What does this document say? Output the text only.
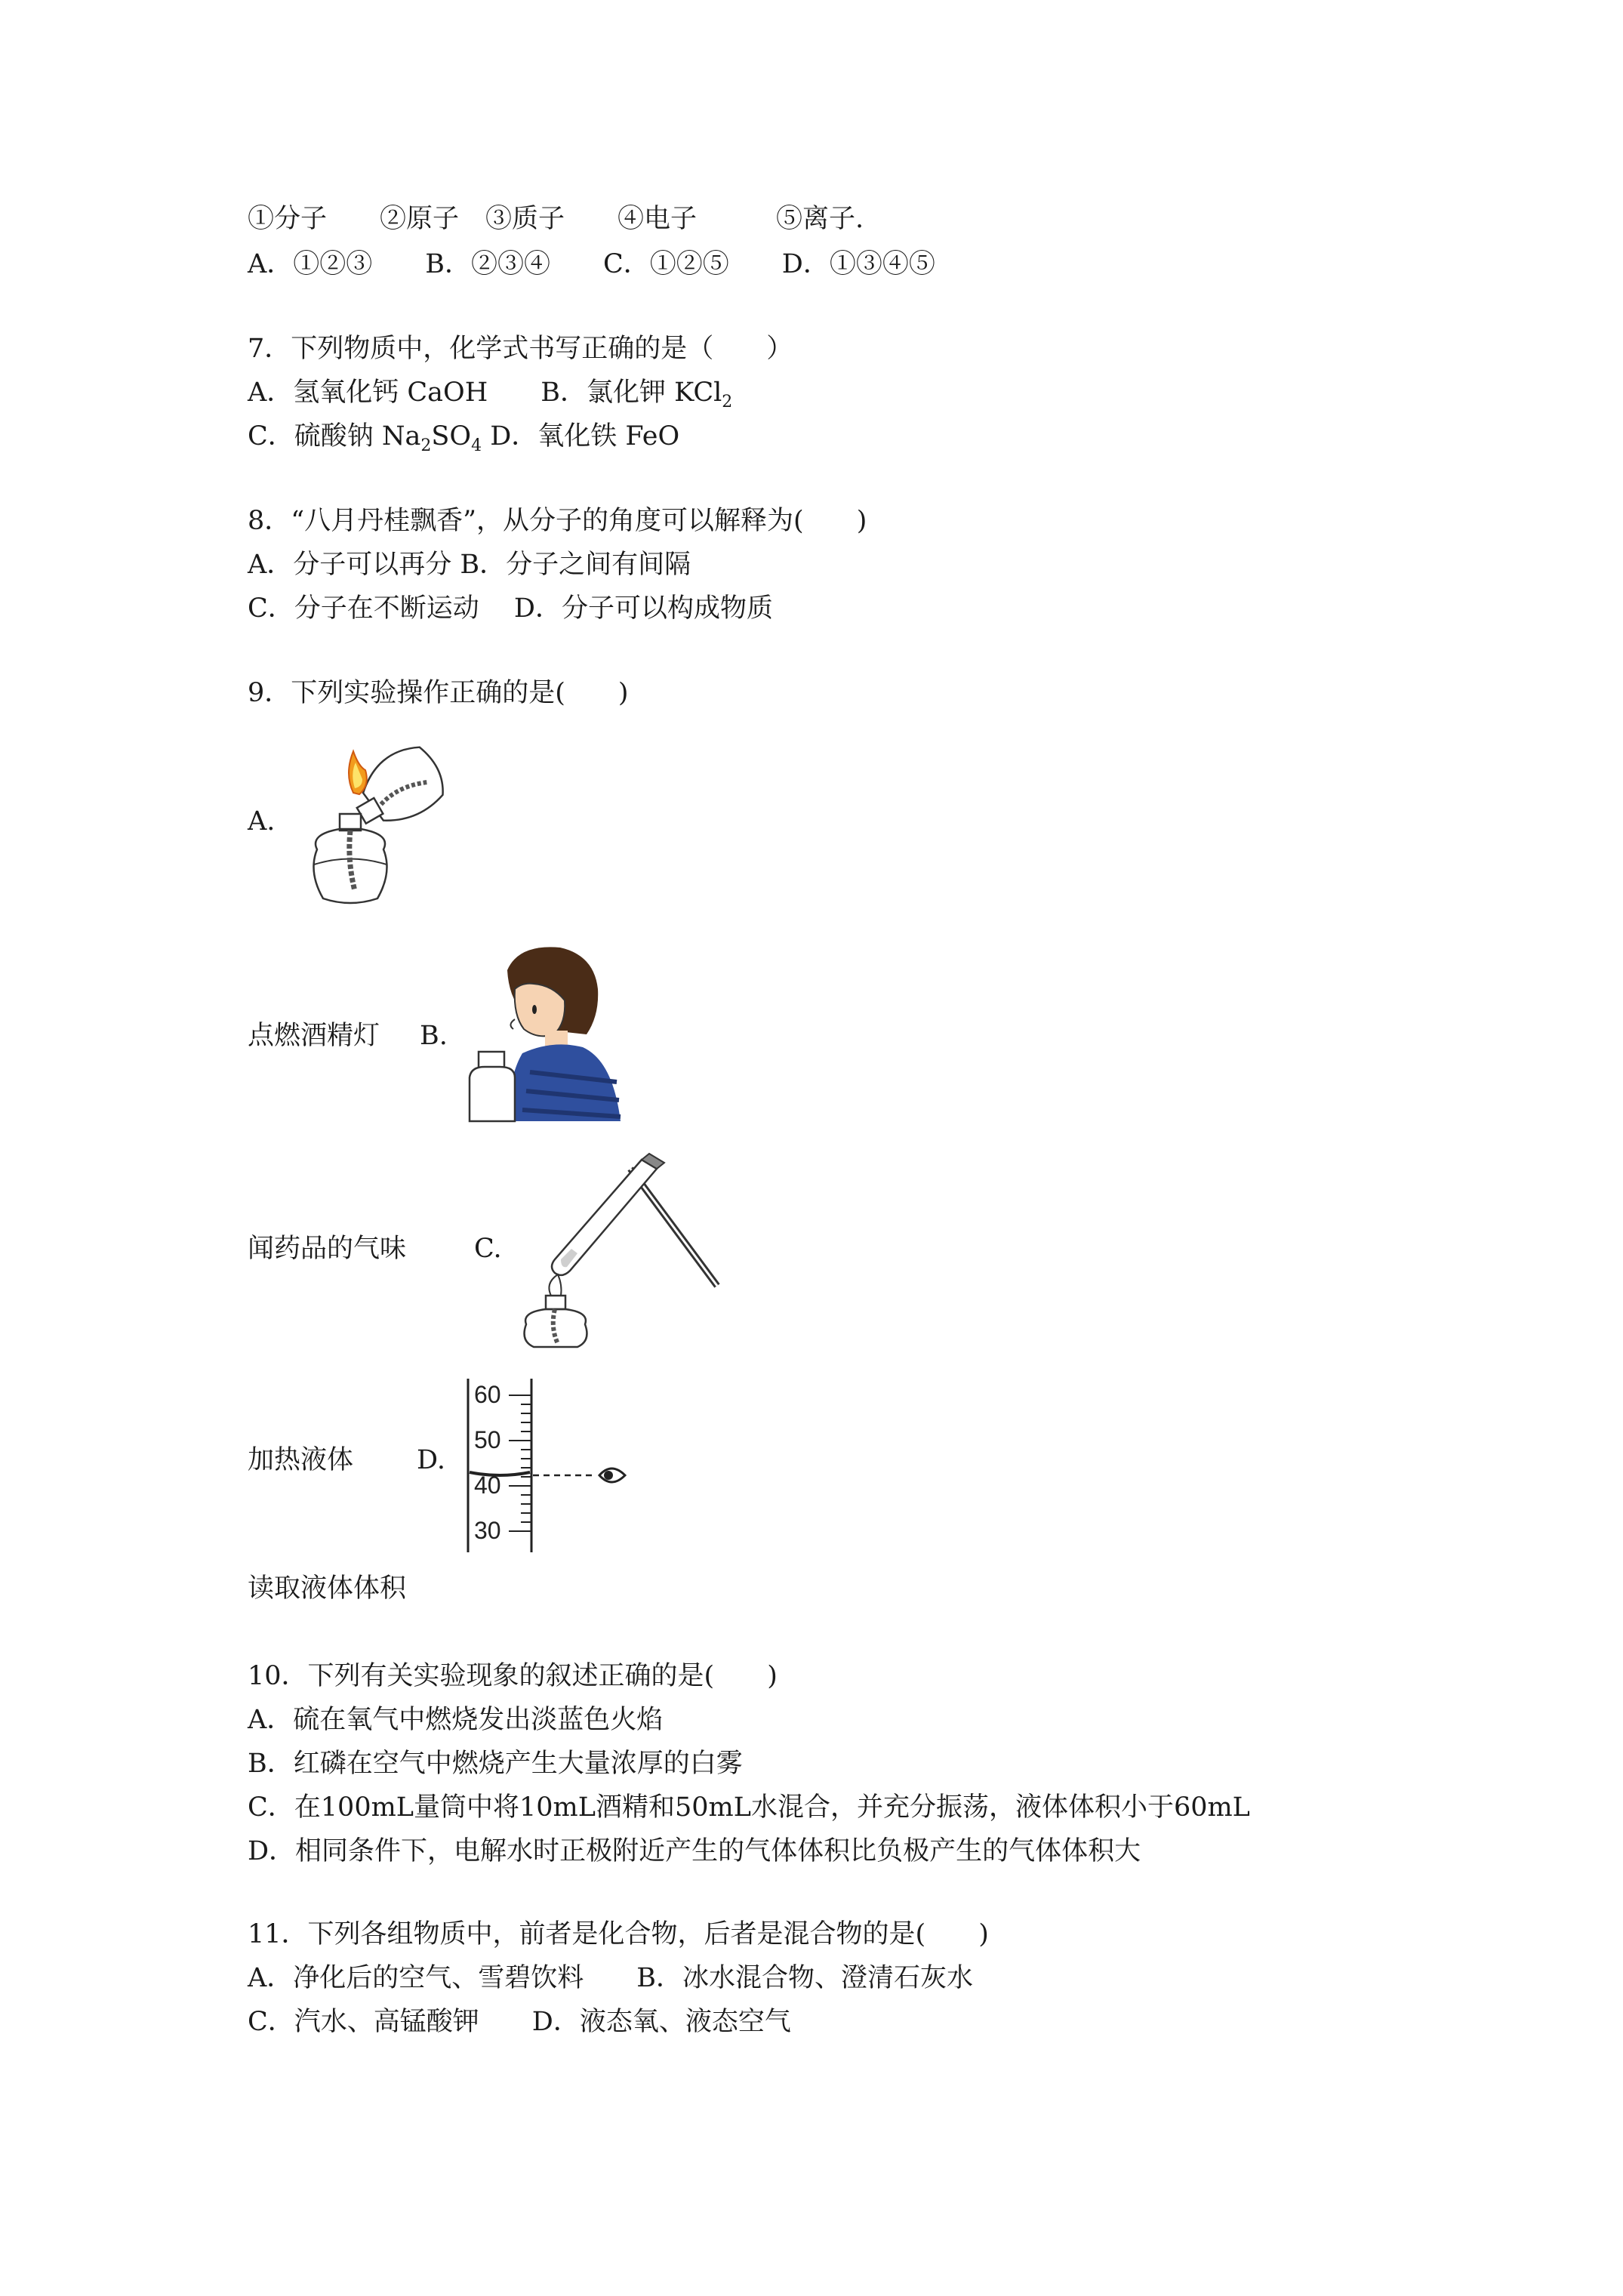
①分子　　②原子　③质子　　④电子　　　⑤离子.
A．①②③　　B．②③④　　C．①②⑤　　D．①③④⑤
7．下列物质中，化学式书写正确的是（　　）
A．氢氧化钙 CaOH　　B．氯化钾 KCl$_2$
C．硫酸钠 $Na_2SO_4$ D．氧化铁 FeO
8．“八月丹桂飘香”，从分子的角度可以解释为(　　)
A．分子可以再分 B．分子之间有间隔
C．分子在不断运动　 D．分子可以构成物质
9．下列实验操作正确的是(　　)
A.
点燃酒精灯 B.
闻药品的气味	C.
加热液体 D.
60
50
40
30
读取液体体积
10．下列有关实验现象的叙述正确的是(　　)
A．硫在氧气中燃烧发出淡蓝色火焰
B．红磷在空气中燃烧产生大量浓厚的白雾
C．在100mL量筒中将10mL酒精和50mL水混合，并充分振荡，液体体积小于60mL
D．相同条件下，电解水时正极附近产生的气体体积比负极产生的气体体积大
11．下列各组物质中，前者是化合物，后者是混合物的是(　　)
A．净化后的空气、雪碧饮料　　B．冰水混合物、澄清石灰水
C．汽水、高锰酸钾　　D．液态氧、液态空气
